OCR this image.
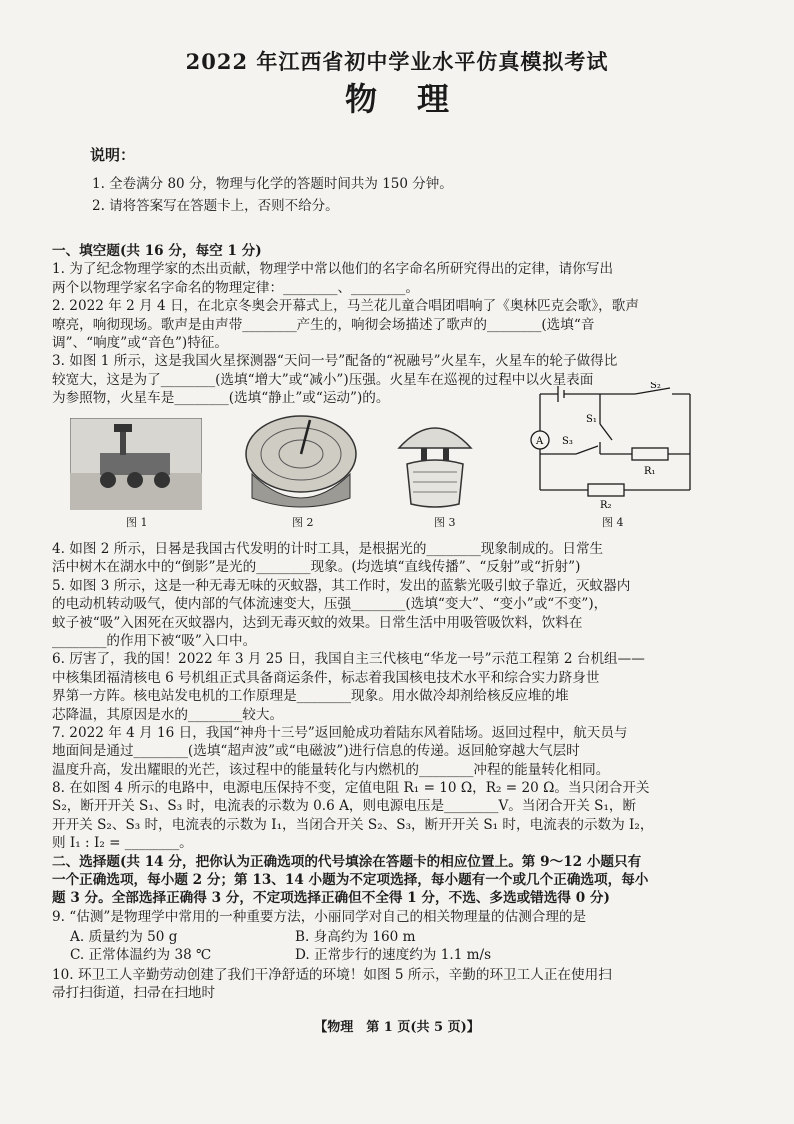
2022 年江西省初中学业水平仿真模拟考试
物理
说明：
1. 全卷满分 80 分，物理与化学的答题时间共为 150 分钟。
2. 请将答案写在答题卡上，否则不给分。
一、填空题(共 16 分，每空 1 分)
1. 为了纪念物理学家的杰出贡献，物理学中常以他们的名字命名所研究得出的定律，请你写出
两个以物理学家名字命名的物理定律：________、________。
2. 2022 年 2 月 4 日，在北京冬奥会开幕式上，马兰花儿童合唱团唱响了《奥林匹克会歌》，歌声
嘹亮，响彻现场。歌声是由声带________产生的，响彻会场描述了歌声的________(选填“音
调”、“响度”或“音色”)特征。
3. 如图 1 所示，这是我国火星探测器“天问一号”配备的“祝融号”火星车，火星车的轮子做得比
较宽大，这是为了________(选填“增大”或“减小”)压强。火星车在巡视的过程中以火星表面
为参照物，火星车是________(选填“静止”或“运动”)的。
图 1	图 2	图 3
A
S₂
S₁
S₃
R₁
R₂
图 4
4. 如图 2 所示，日晷是我国古代发明的计时工具，是根据光的________现象制成的。日常生
活中树木在湖水中的“倒影”是光的________现象。(均选填“直线传播”、“反射”或“折射”)
5. 如图 3 所示，这是一种无毒无味的灭蚊器，其工作时，发出的蓝紫光吸引蚊子靠近，灭蚊器内
的电动机转动吸气，使内部的气体流速变大，压强________(选填“变大”、“变小”或“不变”)，
蚊子被“吸”入困死在灭蚊器内，达到无毒灭蚊的效果。日常生活中用吸管吸饮料，饮料在
________的作用下被“吸”入口中。
6. 厉害了，我的国！2022 年 3 月 25 日，我国自主三代核电“华龙一号”示范工程第 2 台机组——
中核集团福清核电 6 号机组正式具备商运条件，标志着我国核电技术水平和综合实力跻身世
界第一方阵。核电站发电机的工作原理是________现象。用水做冷却剂给核反应堆的堆
芯降温，其原因是水的________较大。
7. 2022 年 4 月 16 日，我国“神舟十三号”返回舱成功着陆东风着陆场。返回过程中，航天员与
地面间是通过________(选填“超声波”或“电磁波”)进行信息的传递。返回舱穿越大气层时
温度升高，发出耀眼的光芒，该过程中的能量转化与内燃机的________冲程的能量转化相同。
8. 在如图 4 所示的电路中，电源电压保持不变，定值电阻 R₁ = 10 Ω，R₂ = 20 Ω。当只闭合开关
S₂，断开开关 S₁、S₃ 时，电流表的示数为 0.6 A，则电源电压是________V。当闭合开关 S₁，断
开开关 S₂、S₃ 时，电流表的示数为 I₁，当闭合开关 S₂、S₃，断开开关 S₁ 时，电流表的示数为 I₂，
则 I₁ : I₂ = ________。
二、选择题(共 14 分，把你认为正确选项的代号填涂在答题卡的相应位置上。第 9～12 小题只有
一个正确选项，每小题 2 分；第 13、14 小题为不定项选择，每小题有一个或几个正确选项，每小
题 3 分。全部选择正确得 3 分，不定项选择正确但不全得 1 分，不选、多选或错选得 0 分)
9. “估测”是物理学中常用的一种重要方法，小丽同学对自己的相关物理量的估测合理的是
A. 质量约为 50 g	B. 身高约为 160 m
C. 正常体温约为 38 ℃	D. 正常步行的速度约为 1.1 m/s
10. 环卫工人辛勤劳动创建了我们干净舒适的环境！如图 5 所示，辛勤的环卫工人正在使用扫
帚打扫街道，扫帚在扫地时
【物理　第 1 页(共 5 页)】
